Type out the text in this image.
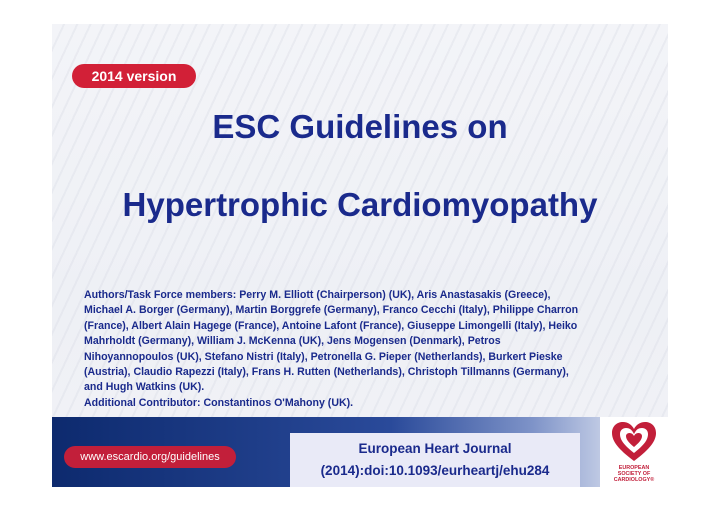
2014 version
ESC Guidelines on
Hypertrophic Cardiomyopathy

Authors/Task Force members: Perry M. Elliott (Chairperson) (UK), Aris Anastasakis (Greece),
Michael A. Borger (Germany), Martin Borggrefe (Germany), Franco Cecchi (Italy), Philippe Charron
(France), Albert Alain Hagege (France), Antoine Lafont (France), Giuseppe Limongelli (Italy), Heiko
Mahrholdt (Germany), William J. McKenna (UK), Jens Mogensen (Denmark), Petros
Nihoyannopoulos (UK), Stefano Nistri (Italy), Petronella G. Pieper (Netherlands), Burkert Pieske
(Austria), Claudio Rapezzi (Italy), Frans H. Rutten (Netherlands), Christoph Tillmanns (Germany),
and Hugh Watkins (UK).
Additional Contributor: Constantinos O'Mahony (UK).

www.escardio.org/guidelines
European Heart Journal
(2014):doi:10.1093/eurheartj/ehu284	EUROPEAN
SOCIETY OF
CARDIOLOGY®
